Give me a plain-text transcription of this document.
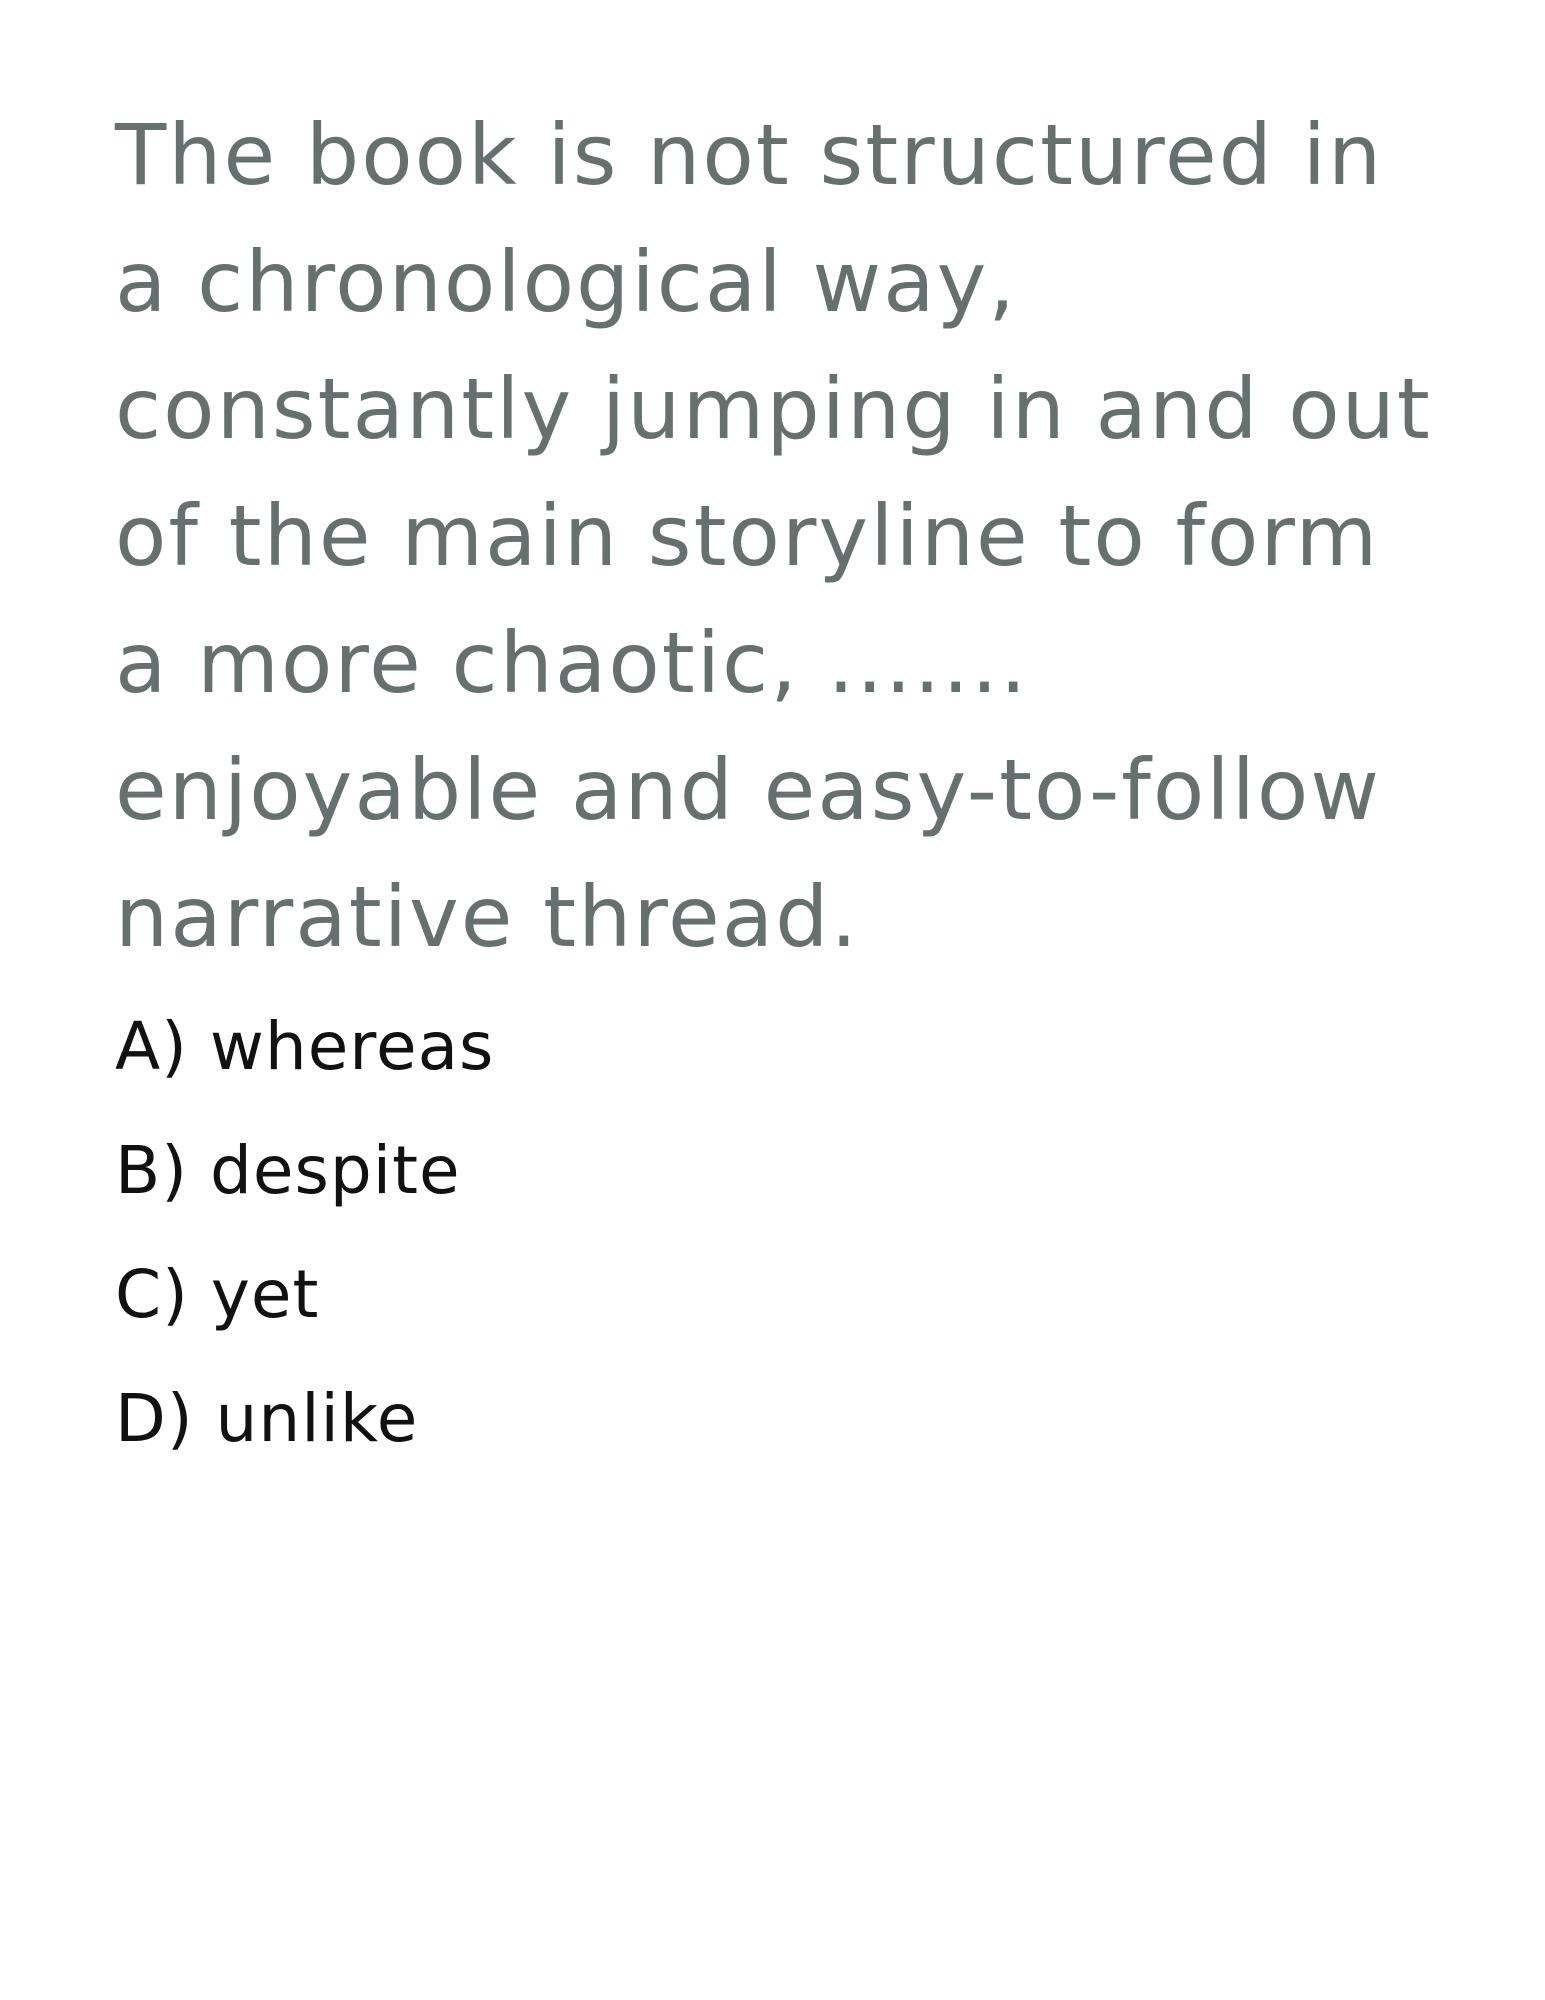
The book is not structured in
a chronological way,
constantly jumping in and out
of the main storyline to form
a more chaotic, .......
enjoyable and easy-to-follow
narrative thread.

A) whereas
B) despite
C) yet
D) unlike
